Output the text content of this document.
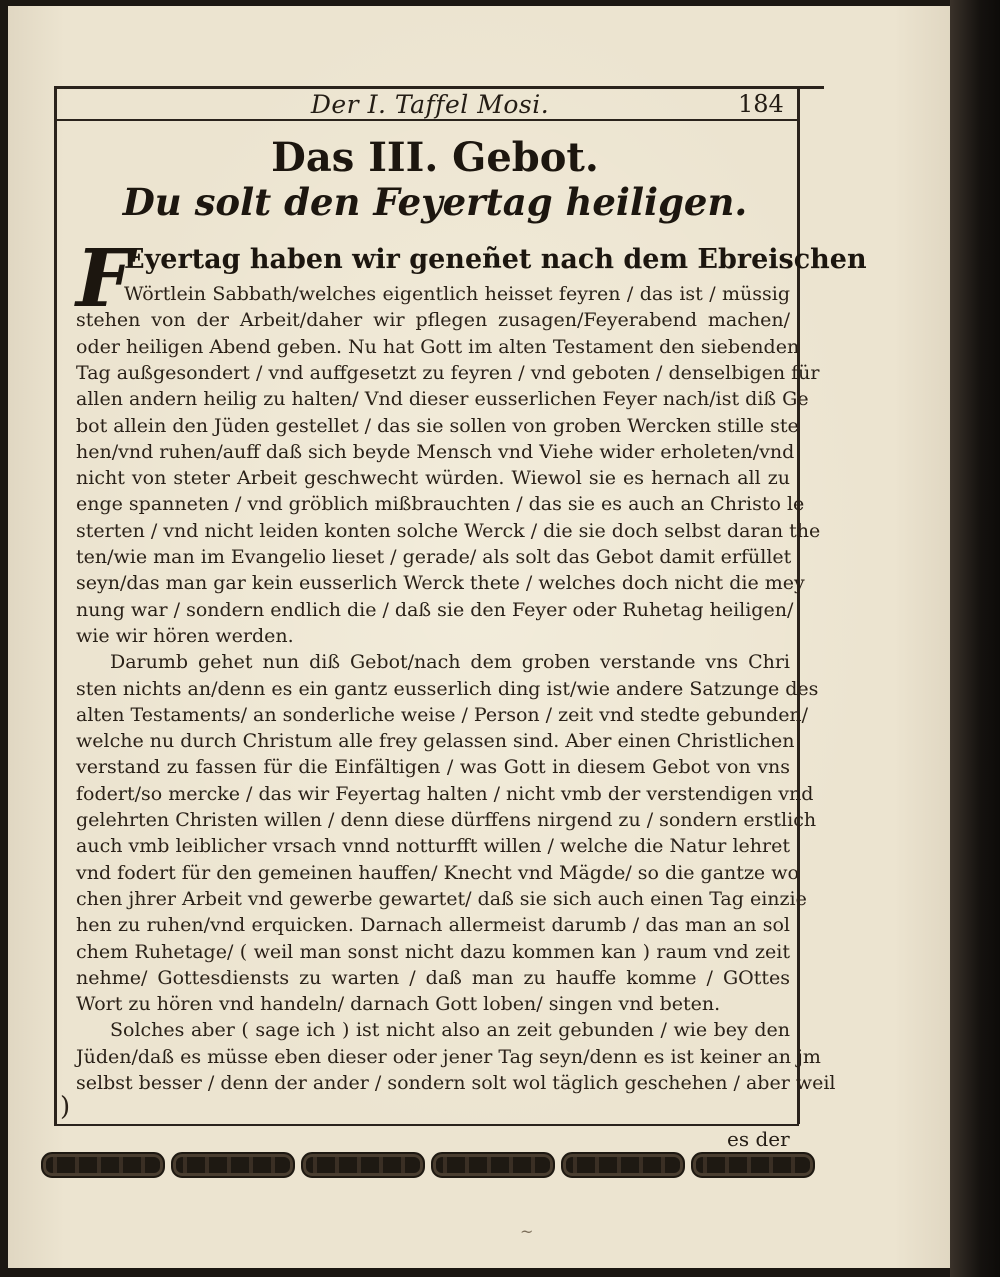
Der I. Taffel Mosi.	184
Das III. Gebot.
Du solt den Feyertag heiligen.
F
Eyertag haben wir geneñet nach dem Ebreischen
Wörtlein Sabbath/welches eigentlich heisset feyren / das ist / müssig
stehen von der Arbeit/daher wir pflegen zusagen/Feyerabend machen/
oder heiligen Abend geben. Nu hat Gott im alten Testament den siebenden
Tag außgesondert / vnd auffgesetzt zu feyren / vnd geboten / denselbigen für
allen andern heilig zu halten/ Vnd dieser eusserlichen Feyer nach/ist diß Ge
bot allein den Jüden gestellet / das sie sollen von groben Wercken stille ste
hen/vnd ruhen/auff daß sich beyde Mensch vnd Viehe wider erholeten/vnd
nicht von steter Arbeit geschwecht würden. Wiewol sie es hernach all zu
enge spanneten / vnd gröblich mißbrauchten / das sie es auch an Christo le
sterten / vnd nicht leiden konten solche Werck / die sie doch selbst daran the
ten/wie man im Evangelio lieset / gerade/ als solt das Gebot damit erfüllet
seyn/das man gar kein eusserlich Werck thete / welches doch nicht die mey
nung war / sondern endlich die / daß sie den Feyer oder Ruhetag heiligen/
wie wir hören werden.
Darumb gehet nun diß Gebot/nach dem groben verstande vns Chri
sten nichts an/denn es ein gantz eusserlich ding ist/wie andere Satzunge des
alten Testaments/ an sonderliche weise / Person / zeit vnd stedte gebunden/
welche nu durch Christum alle frey gelassen sind. Aber einen Christlichen
verstand zu fassen für die Einfältigen / was Gott in diesem Gebot von vns
fodert/so mercke / das wir Feyertag halten / nicht vmb der verstendigen vnd
gelehrten Christen willen / denn diese dürffens nirgend zu / sondern erstlich
auch vmb leiblicher vrsach vnnd notturfft willen / welche die Natur lehret
vnd fodert für den gemeinen hauffen/ Knecht vnd Mägde/ so die gantze wo
chen jhrer Arbeit vnd gewerbe gewartet/ daß sie sich auch einen Tag einzie
hen zu ruhen/vnd erquicken. Darnach allermeist darumb / das man an sol
chem Ruhetage/ ( weil man sonst nicht dazu kommen kan ) raum vnd zeit
nehme/ Gottesdiensts zu warten / daß man zu hauffe komme / GOttes
Wort zu hören vnd handeln/ darnach Gott loben/ singen vnd beten.
Solches aber ( sage ich ) ist nicht also an zeit gebunden / wie bey den
Jüden/daß es müsse eben dieser oder jener Tag seyn/denn es ist keiner an jm
selbst besser / denn der ander / sondern solt wol täglich geschehen / aber weil
)
es der
~
